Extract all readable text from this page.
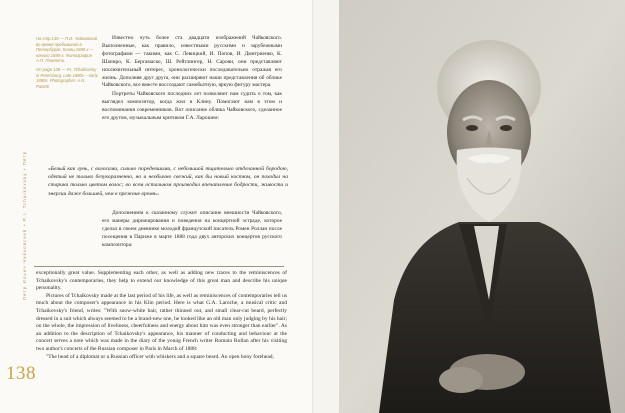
На стр.138 — П.И. Чайковский во время пребывания в Петербурге. Конец 1880-х — начало 1890-х. Фотография А.П. Пазетти.

On page 138 — P.I. Tchaikovsky in Petersburg. Late 1880s – early 1890s. Photographer: A.N. Pazetti

Известно чуть более ста двадцати изображений Чайковского. Выполненные, как правило, известными русскими и зарубежными фотографами — такими, как С. Левицкий, И. Попов, И. Дмитриенко, К. Шапиро, К. Бергамаско, Ш. Рейтлингер, Н. Сароян, они представляют исключительный интерес, хронологически последовательно отражая его жизнь. Дополняя друг друга, они расширяют наши представления об облике Чайковского, все вместе воссоздают самобытную, яркую фигуру мастера.

Портреты Чайковского последних лет позволяют нам судить о том, как выглядел композитор, когда жил в Клину. Помогают нам в этом и воспоминания современников. Вот описание облика Чайковского, сделанное его другом, музыкальным критиком Г.А. Ларошем:

«Белый как лунь, с волосами, сильно поредевшими, с небольшой тщательно отделанной бородою, одетый не только безукоризненно, но и необычно свежий, как бы новый костюм, он походил на старика только цветом волос; во всем остальном производил впечатление бодрости, живости и энергии даже большей, чем в прежние время».

Дополнением к сказанному служит описание внешности Чайковского, его манеры дирижирования и поведения на концертной эстраде, которое сделал в своем дневнике молодой французский писатель Ромен Роллан после посещения в Париже в марте 1888 года двух авторских концертов русского композитора:

exceptionally great value. Supplementing each other, as well as adding new traces to the reminiscences of Tchaikovsky's contemporaries, they help to extend our knowledge of this great man and describe his unique personality.

Pictures of Tchaikovsky made at the last period of his life, as well as reminiscences of contemporaries tell us much about the composer's appearance in his Klin period. Here is what G.A. Laroche, a musical critic and Tchaikovsky's friend, writes: "With snow-white hair, rather thinned out, and small clear-cut beard, perfectly dressed in a suit which always seemed to be a brand-new one, he looked like an old man only judging by his hair; on the whole, the impression of liveliness, cheerfulness and energy about him was even stronger than earlier". As an addition to the description of Tchaikovsky's appearance, his manner of conducting and behaviour at the concert serves a note which was made in the diary of the young French writer Romain Rollan after his visiting two author's concerts of the Russian composer in Paris in March of 1888:

"The head of a diplomat or a Russian officer with whiskers and a square beard. An open bony forehead,

Петр Ильич Чайковский • P.I. Tchaikovsky • Пётр
138
